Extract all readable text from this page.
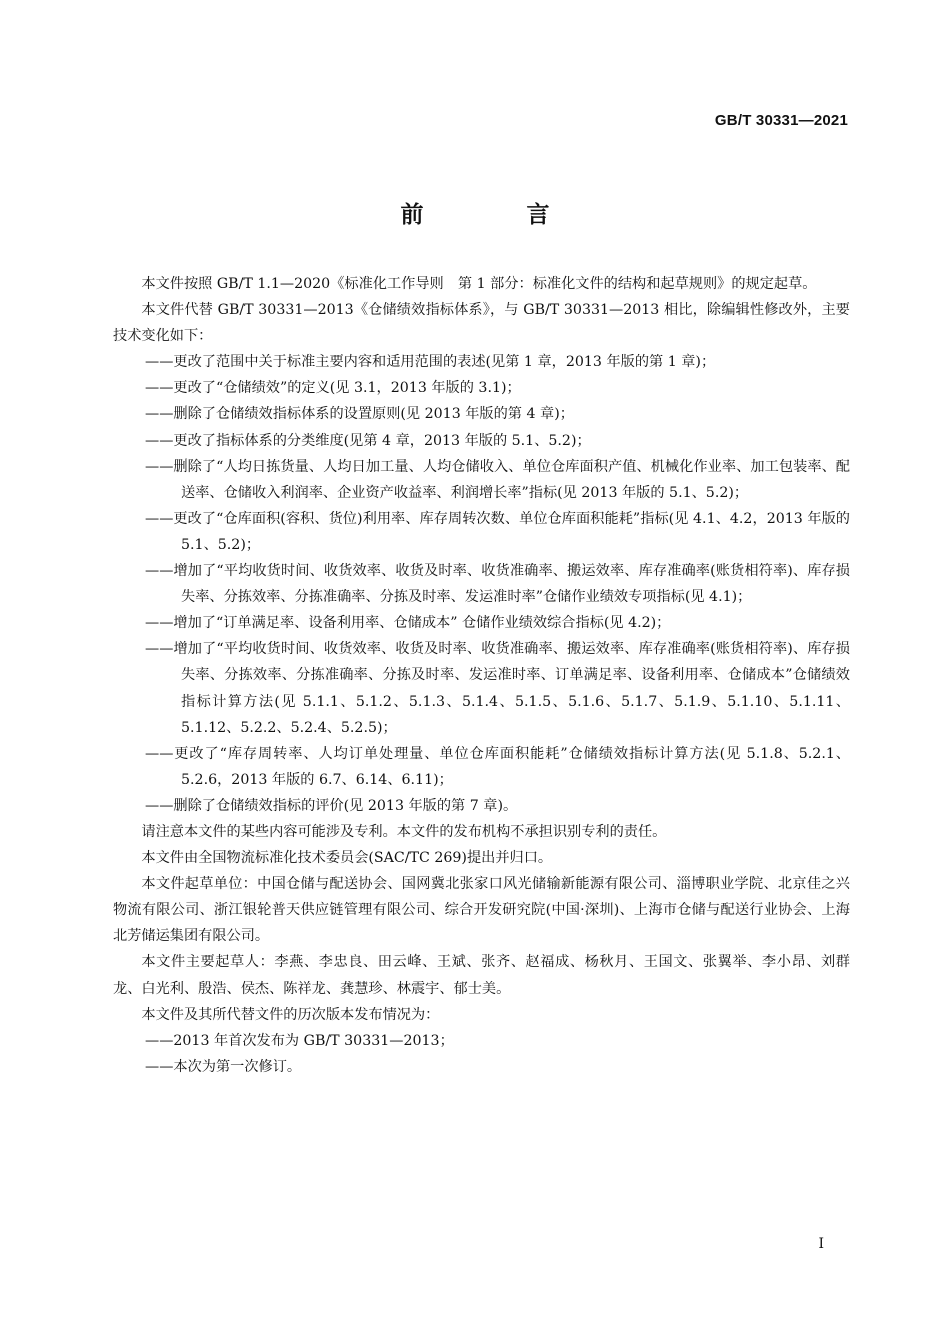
GB/T 30331—2021
前　言

本文件按照 GB/T 1.1—2020《标准化工作导则　第 1 部分：标准化文件的结构和起草规则》的规定起草。

本文件代替 GB/T 30331—2013《仓储绩效指标体系》，与 GB/T 30331—2013 相比，除编辑性修改外，主要技术变化如下：

——更改了范围中关于标准主要内容和适用范围的表述(见第 1 章，2013 年版的第 1 章)；

——更改了“仓储绩效”的定义(见 3.1，2013 年版的 3.1)；

——删除了仓储绩效指标体系的设置原则(见 2013 年版的第 4 章)；

——更改了指标体系的分类维度(见第 4 章，2013 年版的 5.1、5.2)；

——删除了“人均日拣货量、人均日加工量、人均仓储收入、单位仓库面积产值、机械化作业率、加工包装率、配送率、仓储收入利润率、企业资产收益率、利润增长率”指标(见 2013 年版的 5.1、5.2)；

——更改了“仓库面积(容积、货位)利用率、库存周转次数、单位仓库面积能耗”指标(见 4.1、4.2，2013 年版的 5.1、5.2)；

——增加了“平均收货时间、收货效率、收货及时率、收货准确率、搬运效率、库存准确率(账货相符率)、库存损失率、分拣效率、分拣准确率、分拣及时率、发运准时率”仓储作业绩效专项指标(见 4.1)；

——增加了“订单满足率、设备利用率、仓储成本” 仓储作业绩效综合指标(见 4.2)；

——增加了“平均收货时间、收货效率、收货及时率、收货准确率、搬运效率、库存准确率(账货相符率)、库存损失率、分拣效率、分拣准确率、分拣及时率、发运准时率、订单满足率、设备利用率、仓储成本”仓储绩效指标计算方法(见 5.1.1、5.1.2、5.1.3、5.1.4、5.1.5、5.1.6、5.1.7、5.1.9、5.1.10、5.1.11、5.1.12、5.2.2、5.2.4、5.2.5)；

——更改了“库存周转率、人均订单处理量、单位仓库面积能耗”仓储绩效指标计算方法(见 5.1.8、5.2.1、5.2.6，2013 年版的 6.7、6.14、6.11)；

——删除了仓储绩效指标的评价(见 2013 年版的第 7 章)。

请注意本文件的某些内容可能涉及专利。本文件的发布机构不承担识别专利的责任。

本文件由全国物流标准化技术委员会(SAC/TC 269)提出并归口。

本文件起草单位：中国仓储与配送协会、国网冀北张家口风光储输新能源有限公司、淄博职业学院、北京佳之兴物流有限公司、浙江银轮普天供应链管理有限公司、综合开发研究院(中国·深圳)、上海市仓储与配送行业协会、上海北芳储运集团有限公司。

本文件主要起草人：李燕、李忠良、田云峰、王斌、张齐、赵福成、杨秋月、王国文、张翼举、李小昂、刘群龙、白光利、殷浩、侯杰、陈祥龙、龚慧珍、林震宇、郁士美。

本文件及其所代替文件的历次版本发布情况为：

——2013 年首次发布为 GB/T 30331—2013；

——本次为第一次修订。

I
